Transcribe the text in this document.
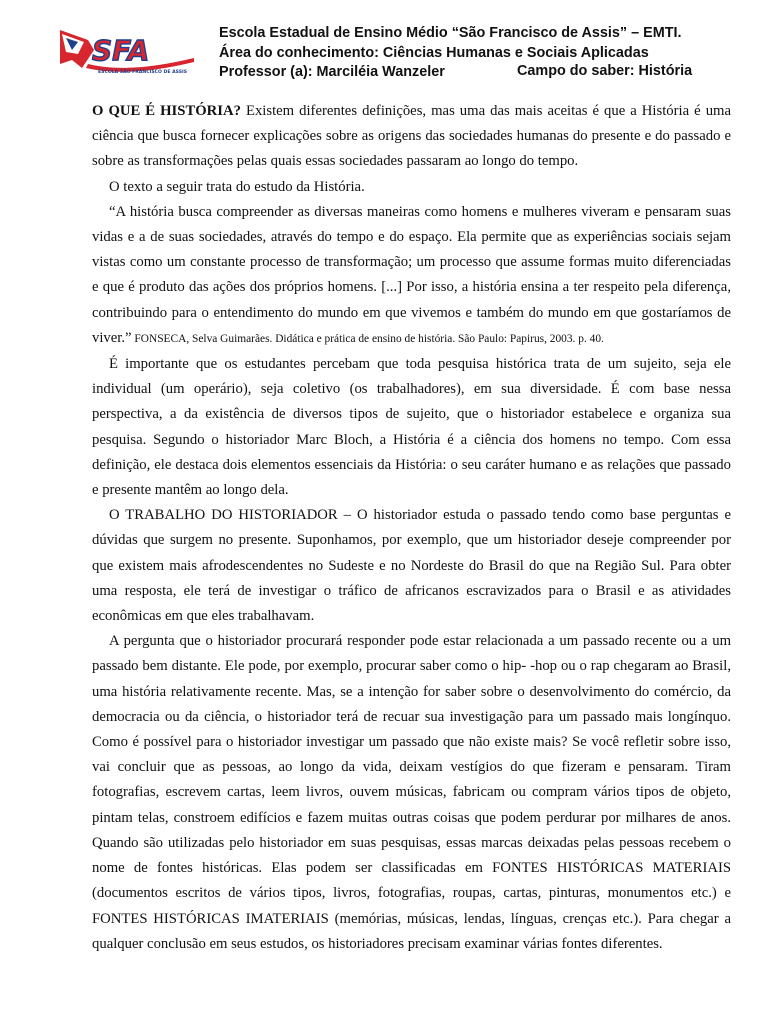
SFA
ESCOLA SÃO FRANCISCO DE ASSIS
Escola Estadual de Ensino Médio “São Francisco de Assis” – EMTI.
Área do conhecimento: Ciências Humanas e Sociais Aplicadas
Professor (a): Marciléia Wanzeler	Campo do saber: História

O QUE É HISTÓRIA? Existem diferentes definições, mas uma das mais aceitas é que a História é uma ciência que busca fornecer explicações sobre as origens das sociedades humanas do presente e do passado e sobre as transformações pelas quais essas sociedades passaram ao longo do tempo.

O texto a seguir trata do estudo da História.

“A história busca compreender as diversas maneiras como homens e mulheres viveram e pensaram suas vidas e a de suas sociedades, através do tempo e do espaço. Ela permite que as experiências sociais sejam vistas como um constante processo de transformação; um processo que assume formas muito diferenciadas e que é produto das ações dos próprios homens. [...] Por isso, a história ensina a ter respeito pela diferença, contribuindo para o entendimento do mundo em que vivemos e também do mundo em que gostaríamos de viver.” FONSECA, Selva Guimarães. Didática e prática de ensino de história. São Paulo: Papirus, 2003. p. 40.

É importante que os estudantes percebam que toda pesquisa histórica trata de um sujeito, seja ele individual (um operário), seja coletivo (os trabalhadores), em sua diversidade. É com base nessa perspectiva, a da existência de diversos tipos de sujeito, que o historiador estabelece e organiza sua pesquisa. Segundo o historiador Marc Bloch, a História é a ciência dos homens no tempo. Com essa definição, ele destaca dois elementos essenciais da História: o seu caráter humano e as relações que passado e presente mantêm ao longo dela.

O TRABALHO DO HISTORIADOR – O historiador estuda o passado tendo como base perguntas e dúvidas que surgem no presente. Suponhamos, por exemplo, que um historiador deseje compreender por que existem mais afrodescendentes no Sudeste e no Nordeste do Brasil do que na Região Sul. Para obter uma resposta, ele terá de investigar o tráfico de africanos escravizados para o Brasil e as atividades econômicas em que eles trabalhavam.

A pergunta que o historiador procurará responder pode estar relacionada a um passado recente ou a um passado bem distante. Ele pode, por exemplo, procurar saber como o hip- -hop ou o rap chegaram ao Brasil, uma história relativamente recente. Mas, se a intenção for saber sobre o desenvolvimento do comércio, da democracia ou da ciência, o historiador terá de recuar sua investigação para um passado mais longínquo. Como é possível para o historiador investigar um passado que não existe mais? Se você refletir sobre isso, vai concluir que as pessoas, ao longo da vida, deixam vestígios do que fizeram e pensaram. Tiram fotografias, escrevem cartas, leem livros, ouvem músicas, fabricam ou compram vários tipos de objeto, pintam telas, constroem edifícios e fazem muitas outras coisas que podem perdurar por milhares de anos. Quando são utilizadas pelo historiador em suas pesquisas, essas marcas deixadas pelas pessoas recebem o nome de fontes históricas. Elas podem ser classificadas em FONTES HISTÓRICAS MATERIAIS (documentos escritos de vários tipos, livros, fotografias, roupas, cartas, pinturas, monumentos etc.) e FONTES HISTÓRICAS IMATERIAIS (memórias, músicas, lendas, línguas, crenças etc.). Para chegar a qualquer conclusão em seus estudos, os historiadores precisam examinar várias fontes diferentes.
